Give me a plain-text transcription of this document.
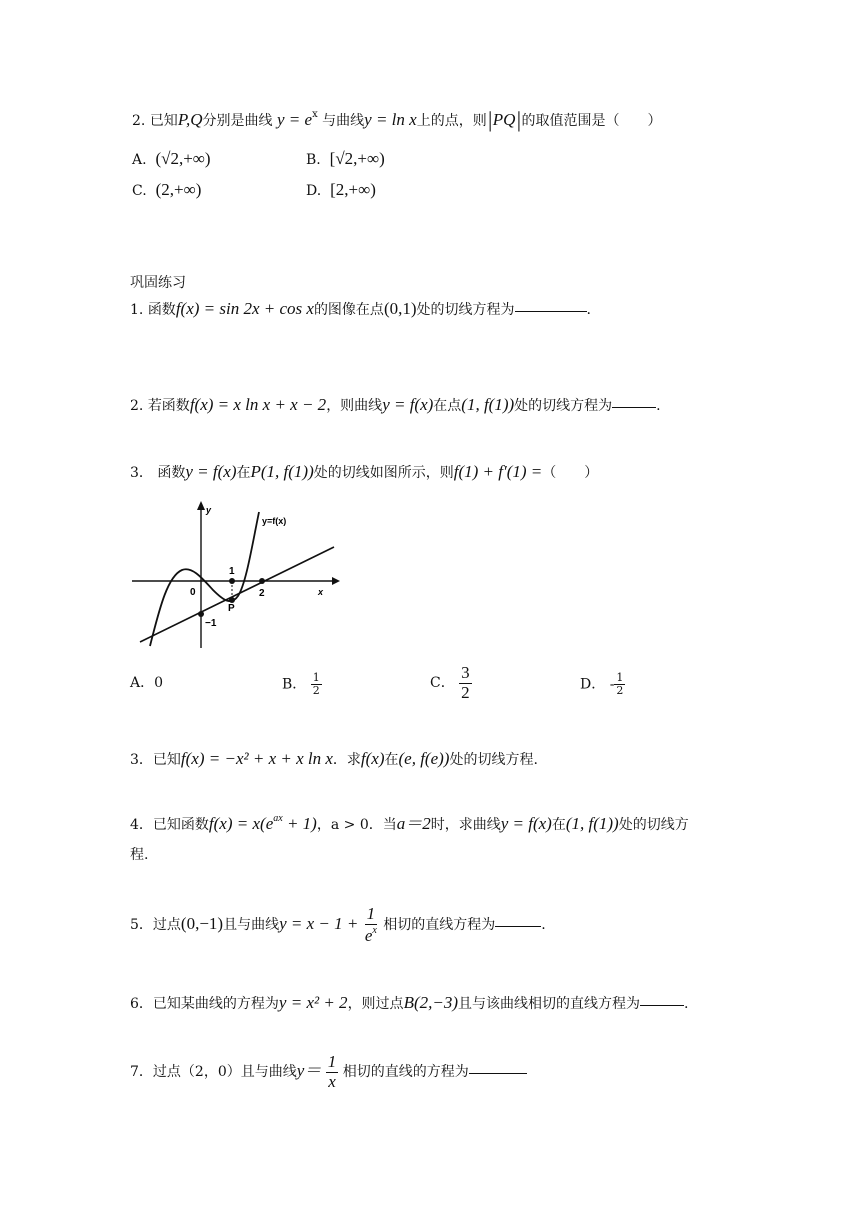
2. 已知P,Q分别是曲线 $y = e^x$ 与曲线y = ln x上的点，则|PQ|的取值范围是（　　）
A. (√2,+∞)	B. [√2,+∞)
C. (2,+∞)	D. [2,+∞)
巩固练习
1. 函数f(x) = sin 2x + cos x的图像在点(0,1)处的切线方程为	.
2. 若函数f(x) = x ln x + x − 2，则曲线y = f(x)在点(1, f(1))处的切线方程为	.
3． 函数y = f(x)在P(1, f(1))处的切线如图所示，则f(1) + f′(1) =（　　）
y
x
y=f(x)
0
1
2
−1
P
A．0	B． $\frac{1}{2}$	C． $\frac{3}{2}$	D． - $\frac{1}{2}$
3．已知f(x) = −x² + x + x ln x．求f(x)在(e, f(e))处的切线方程.
4．已知函数$f(x) = x(e^{ax} + 1)$，a > 0．当a＝2时，求曲线y = f(x)在(1, f(1))处的切线方
程.
5．过点(0,−1)且与曲线$y = x - 1 + \frac{1}{e^x}$ 相切的直线方程为	.
6．已知某曲线的方程为y = x² + 2，则过点B(2,−3)且与该曲线相切的直线方程为	.
7．过点（2，0）且与曲线$y= \frac{1}{x}$ 相切的直线的方程为
